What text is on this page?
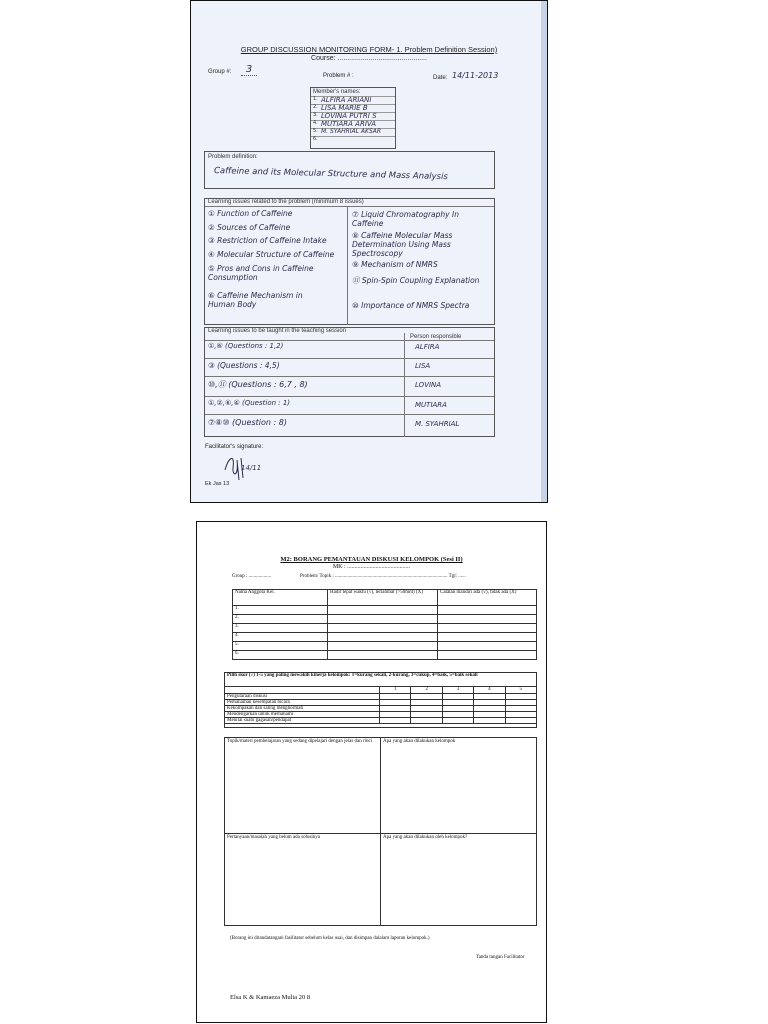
GROUP DISCUSSION MONITORING FORM- 1. Problem Definition Session)
Course: ..............................................
Group #:	3
Problem # :	Date: 14/11-2013
Member's names:
1. ALFIRA ARIANI
2. LISA MARIE B
3. LOVINA PUTRI S
4. MUTIARA ARIVA
5. M. SYAHRIAL AKSAR
6.
Problem definition:
Caffeine and its Molecular Structure and Mass Analysis
Learning issues related to the problem (minimum 8 issues)
① Function of Caffeine
② Sources of Caffeine
③ Restriction of Caffeine Intake
④ Molecular Structure of Caffeine
⑤ Pros and Cons in Caffeine Consumption
⑥ Caffeine Mechanism in Human Body
⑦ Liquid Chromatography In Caffeine
⑧ Caffeine Molecular Mass Determination Using Mass Spectroscopy
⑨ Mechanism of NMRS
⑪ Spin-Spin Coupling Explanation
⑩ Importance of NMRS Spectra
Learning issues to be taught in the teaching session
Person responsible
①,⑥ (Questions : 1,2)	ALFIRA
③ (Questions : 4,5)	LISA
⑩,⑪ (Questions : 6,7 , 8)	LOVINA
①,②,⑥,④ (Question : 1)	MUTIARA
⑦⑧⑩ (Question : 8)	M. SYAHRIAL
Facilitator's signature:
14/11
Ek Jas 13
M2: BORANG PEMANTAUAN DISKUSI KELOMPOK (Sesi II)
MK : ..........................................
Group : ..................	Problem/ Topik : .......................................................................................... Tgl: ......
Nama Anggota Kel.	Hadir tepat waktu (√), terlambat (>50mnt) (X)	Catatan mandiri ada (√), tidak ada (X)
1.		
2.		
3.		
4.		
5.		
6.		
Pilih skor (√) 1-5 yang paling mewakili kinerja kelompok: 1=kurang sekali, 2-kurang, 3=cukup, 4=baik, 5=baik sekali					
	1	2	3	4	5
Pengutaraan diskusi					
Pemahaman kesempatan bicara					
Kekompakan dan saling menghormati					
Mendengarkan untuk memahami					
Menilai suatu gagasan/pendapat					

Topik/materi pembelajaran yang sedang dipelajari dengan jelas dan rinci	Apa yang akan dilakukan kelompok
Pertanyaan/masalah yang belum ada solusinya	Apa yang akan dilakukan oleh kelompok?
(Borang ini ditandatangani fasilitator sebelum kelas usai, dan disimpan dalalam laporan kelompok.)
Tanda tangan Facilitator
Elsa K & Kamaeza Mulia 20 8
